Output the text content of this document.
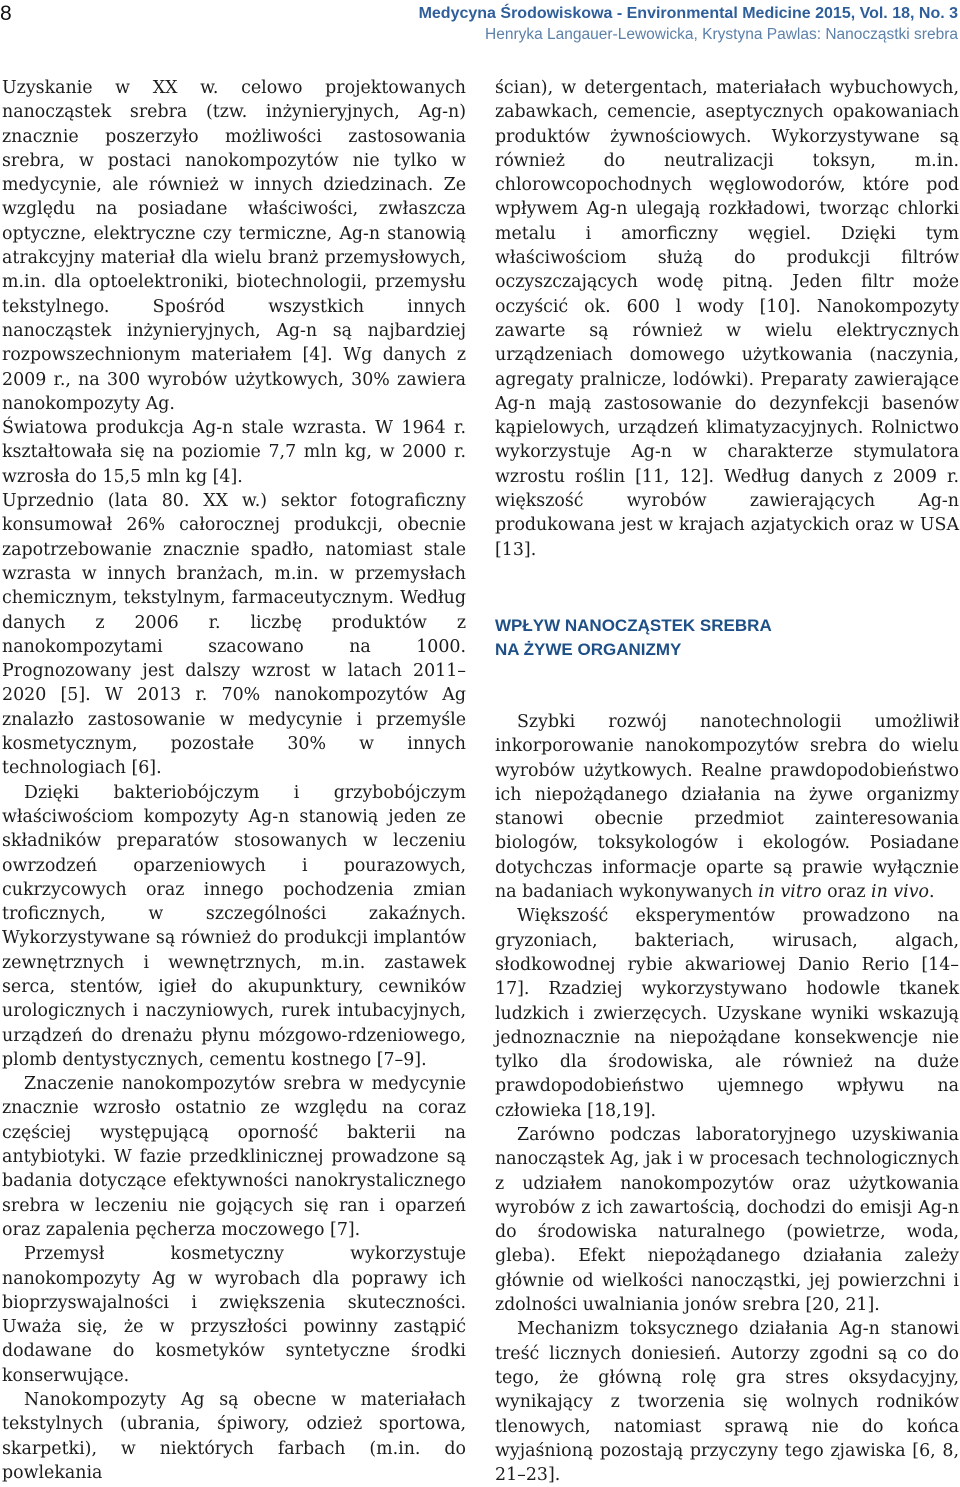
8	Medycyna Środowiskowa - Environmental Medicine 2015, Vol. 18, No. 3
Henryka Langauer-Lewowicka, Krystyna Pawlas: Nanocząstki srebra

Uzyskanie w XX w. celowo projektowanych nanocząstek srebra (tzw. inżynieryjnych, Ag-n) znacznie poszerzyło możliwości zastosowania srebra, w postaci nanokompozytów nie tylko w medycynie, ale również w innych dziedzinach. Ze względu na posiadane właściwości, zwłaszcza optyczne, elektryczne czy termiczne, Ag-n stanowią atrakcyjny materiał dla wielu branż przemysłowych, m.in. dla optoelektroniki, biotechnologii, przemysłu tekstylnego. Spośród wszystkich innych nanocząstek inżynieryjnych, Ag-n są najbardziej rozpowszechnionym materiałem [4]. Wg danych z 2009 r., na 300 wyrobów użytkowych, 30% zawiera nanokompozyty Ag.

Światowa produkcja Ag-n stale wzrasta. W 1964 r. kształtowała się na poziomie 7,7 mln kg, w 2000 r. wzrosła do 15,5 mln kg [4].

Uprzednio (lata 80. XX w.) sektor fotograficzny konsumował 26% całorocznej produkcji, obecnie zapotrzebowanie znacznie spadło, natomiast stale wzrasta w innych branżach, m.in. w przemysłach chemicznym, tekstylnym, farmaceutycznym. Według danych z 2006 r. liczbę produktów z nanokompozytami szacowano na 1000. Prognozowany jest dalszy wzrost w latach 2011–2020 [5]. W 2013 r. 70% nanokompozytów Ag znalazło zastosowanie w medycynie i przemyśle kosmetycznym, pozostałe 30% w innych technologiach [6].

Dzięki bakteriobójczym i grzybobójczym właściwościom kompozyty Ag-n stanowią jeden ze składników preparatów stosowanych w leczeniu owrzodzeń oparzeniowych i pourazowych, cukrzycowych oraz innego pochodzenia zmian troficznych, w szczególności zakaźnych. Wykorzystywane są również do produkcji implantów zewnętrznych i wewnętrznych, m.in. zastawek serca, stentów, igieł do akupunktury, cewników urologicznych i naczyniowych, rurek intubacyjnych, urządzeń do drenażu płynu mózgowo-rdzeniowego, plomb dentystycznych, cementu kostnego [7–9].

Znaczenie nanokompozytów srebra w medycynie znacznie wzrosło ostatnio ze względu na coraz częściej występującą oporność bakterii na antybiotyki. W fazie przedklinicznej prowadzone są badania dotyczące efektywności nanokrystalicznego srebra w leczeniu nie gojących się ran i oparzeń oraz zapalenia pęcherza moczowego [7].

Przemysł kosmetyczny wykorzystuje nanokompozyty Ag w wyrobach dla poprawy ich bioprzyswajalności i zwiększenia skuteczności. Uważa się, że w przyszłości powinny zastąpić dodawane do kosmetyków syntetyczne środki konserwujące.

Nanokompozyty Ag są obecne w materiałach tekstylnych (ubrania, śpiwory, odzież sportowa, skarpetki), w niektórych farbach (m.in. do powlekania

ścian), w detergentach, materiałach wybuchowych, zabawkach, cemencie, aseptycznych opakowaniach produktów żywnościowych. Wykorzystywane są również do neutralizacji toksyn, m.in. chlorowcopochodnych węglowodorów, które pod wpływem Ag-n ulegają rozkładowi, tworząc chlorki metalu i amorficzny węgiel. Dzięki tym właściwościom służą do produkcji filtrów oczyszczających wodę pitną. Jeden filtr może oczyścić ok. 600 l wody [10]. Nanokompozyty zawarte są również w wielu elektrycznych urządzeniach domowego użytkowania (naczynia, agregaty pralnicze, lodówki). Preparaty zawierające Ag-n mają zastosowanie do dezynfekcji basenów kąpielowych, urządzeń klimatyzacyjnych. Rolnictwo wykorzystuje Ag-n w charakterze stymulatora wzrostu roślin [11, 12]. Według danych z 2009 r. większość wyrobów zawierających Ag-n produkowana jest w krajach azjatyckich oraz w USA [13].

WPŁYW NANOCZĄSTEK SREBRA
NA ŻYWE ORGANIZMY

Szybki rozwój nanotechnologii umożliwił inkorporowanie nanokompozytów srebra do wielu wyrobów użytkowych. Realne prawdopodobieństwo ich niepożądanego działania na żywe organizmy stanowi obecnie przedmiot zainteresowania biologów, toksykologów i ekologów. Posiadane dotychczas informacje oparte są prawie wyłącznie na badaniach wykonywanych in vitro oraz in vivo.

Większość eksperymentów prowadzono na gryzoniach, bakteriach, wirusach, algach, słodkowodnej rybie akwariowej Danio Rerio [14–17]. Rzadziej wykorzystywano hodowle tkanek ludzkich i zwierzęcych. Uzyskane wyniki wskazują jednoznacznie na niepożądane konsekwencje nie tylko dla środowiska, ale również na duże prawdopodobieństwo ujemnego wpływu na człowieka [18,19].

Zarówno podczas laboratoryjnego uzyskiwania nanocząstek Ag, jak i w procesach technologicznych z udziałem nanokompozytów oraz użytkowania wyrobów z ich zawartością, dochodzi do emisji Ag-n do środowiska naturalnego (powietrze, woda, gleba). Efekt niepożądanego działania zależy głównie od wielkości nanocząstki, jej powierzchni i zdolności uwalniania jonów srebra [20, 21].

Mechanizm toksycznego działania Ag-n stanowi treść licznych doniesień. Autorzy zgodni są co do tego, że główną rolę gra stres oksydacyjny, wynikający z tworzenia się wolnych rodników tlenowych, natomiast sprawą nie do końca wyjaśnioną pozostają przyczyny tego zjawiska [6, 8, 21–23].
